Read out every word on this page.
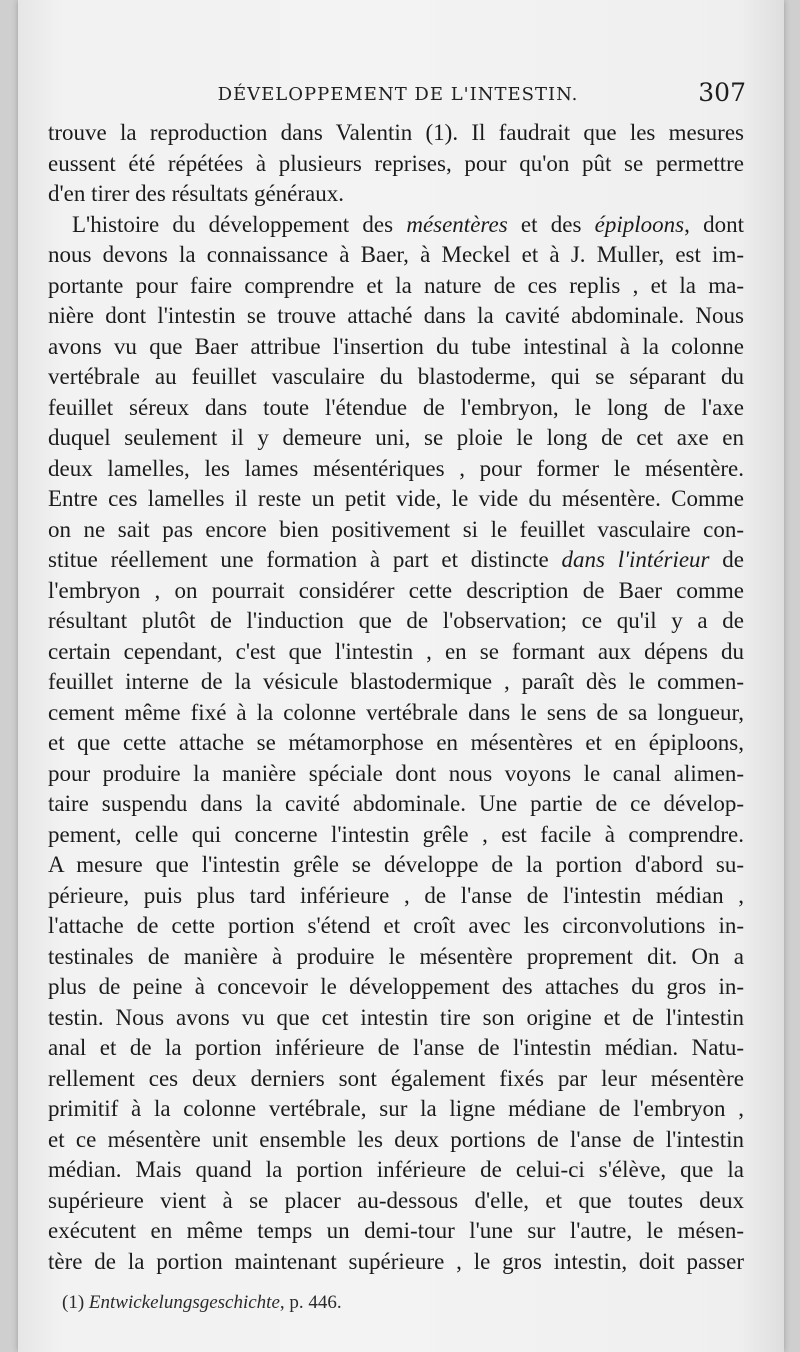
DÉVELOPPEMENT DE L'INTESTIN.	307

trouve la reproduction dans Valentin (1). Il faudrait que les mesures

eussent été répétées à plusieurs reprises, pour qu'on pût se permettre

d'en tirer des résultats généraux.

L'histoire du développement des mésentères et des épiploons, dont

nous devons la connaissance à Baer, à Meckel et à J. Muller, est im-

portante pour faire comprendre et la nature de ces replis , et la ma-

nière dont l'intestin se trouve attaché dans la cavité abdominale. Nous

avons vu que Baer attribue l'insertion du tube intestinal à la colonne

vertébrale au feuillet vasculaire du blastoderme, qui se séparant du

feuillet séreux dans toute l'étendue de l'embryon, le long de l'axe

duquel seulement il y demeure uni, se ploie le long de cet axe en

deux lamelles, les lames mésentériques , pour former le mésentère.

Entre ces lamelles il reste un petit vide, le vide du mésentère. Comme

on ne sait pas encore bien positivement si le feuillet vasculaire con-

stitue réellement une formation à part et distincte dans l'intérieur de

l'embryon , on pourrait considérer cette description de Baer comme

résultant plutôt de l'induction que de l'observation; ce qu'il y a de

certain cependant, c'est que l'intestin , en se formant aux dépens du

feuillet interne de la vésicule blastodermique , paraît dès le commen-

cement même fixé à la colonne vertébrale dans le sens de sa longueur,

et que cette attache se métamorphose en mésentères et en épiploons,

pour produire la manière spéciale dont nous voyons le canal alimen-

taire suspendu dans la cavité abdominale. Une partie de ce dévelop-

pement, celle qui concerne l'intestin grêle , est facile à comprendre.

A mesure que l'intestin grêle se développe de la portion d'abord su-

périeure, puis plus tard inférieure , de l'anse de l'intestin médian ,

l'attache de cette portion s'étend et croît avec les circonvolutions in-

testinales de manière à produire le mésentère proprement dit. On a

plus de peine à concevoir le développement des attaches du gros in-

testin. Nous avons vu que cet intestin tire son origine et de l'intestin

anal et de la portion inférieure de l'anse de l'intestin médian. Natu-

rellement ces deux derniers sont également fixés par leur mésentère

primitif à la colonne vertébrale, sur la ligne médiane de l'embryon ,

et ce mésentère unit ensemble les deux portions de l'anse de l'intestin

médian. Mais quand la portion inférieure de celui-ci s'élève, que la

supérieure vient à se placer au-dessous d'elle, et que toutes deux

exécutent en même temps un demi-tour l'une sur l'autre, le mésen-

tère de la portion maintenant supérieure , le gros intestin, doit passer

(1) Entwickelungsgeschichte, p. 446.
